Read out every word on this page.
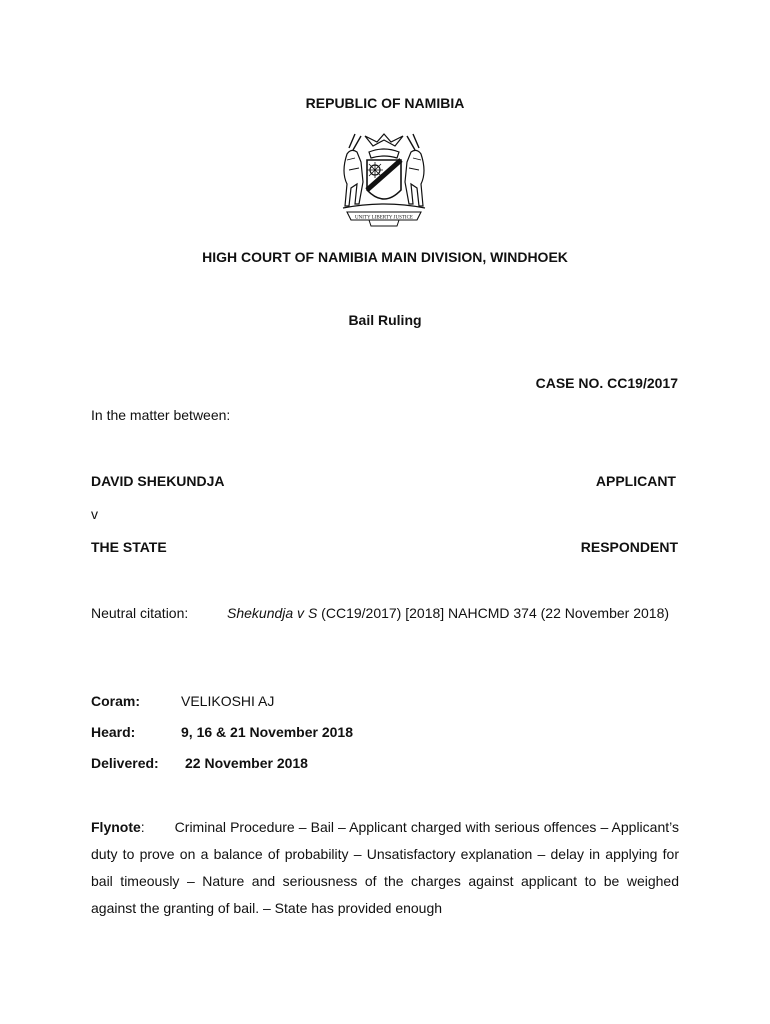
REPUBLIC OF NAMIBIA
UNITY LIBERTY JUSTICE
HIGH COURT OF NAMIBIA MAIN DIVISION, WINDHOEK
Bail Ruling
CASE NO. CC19/2017
In the matter between:
DAVID SHEKUNDJA	APPLICANT
v
THE STATE	RESPONDENT
Neutral citation:	Shekundja v S (CC19/2017) [2018] NAHCMD 374 (22 November 2018)
Coram:	VELIKOSHI AJ
Heard:	9, 16 & 21 November 2018
Delivered: 22 November 2018
Flynote: Criminal Procedure – Bail – Applicant charged with serious offences – Applicant’s duty to prove on a balance of probability – Unsatisfactory explanation – delay in applying for bail timeously – Nature and seriousness of the charges against applicant to be weighed against the granting of bail. – State has provided enough
